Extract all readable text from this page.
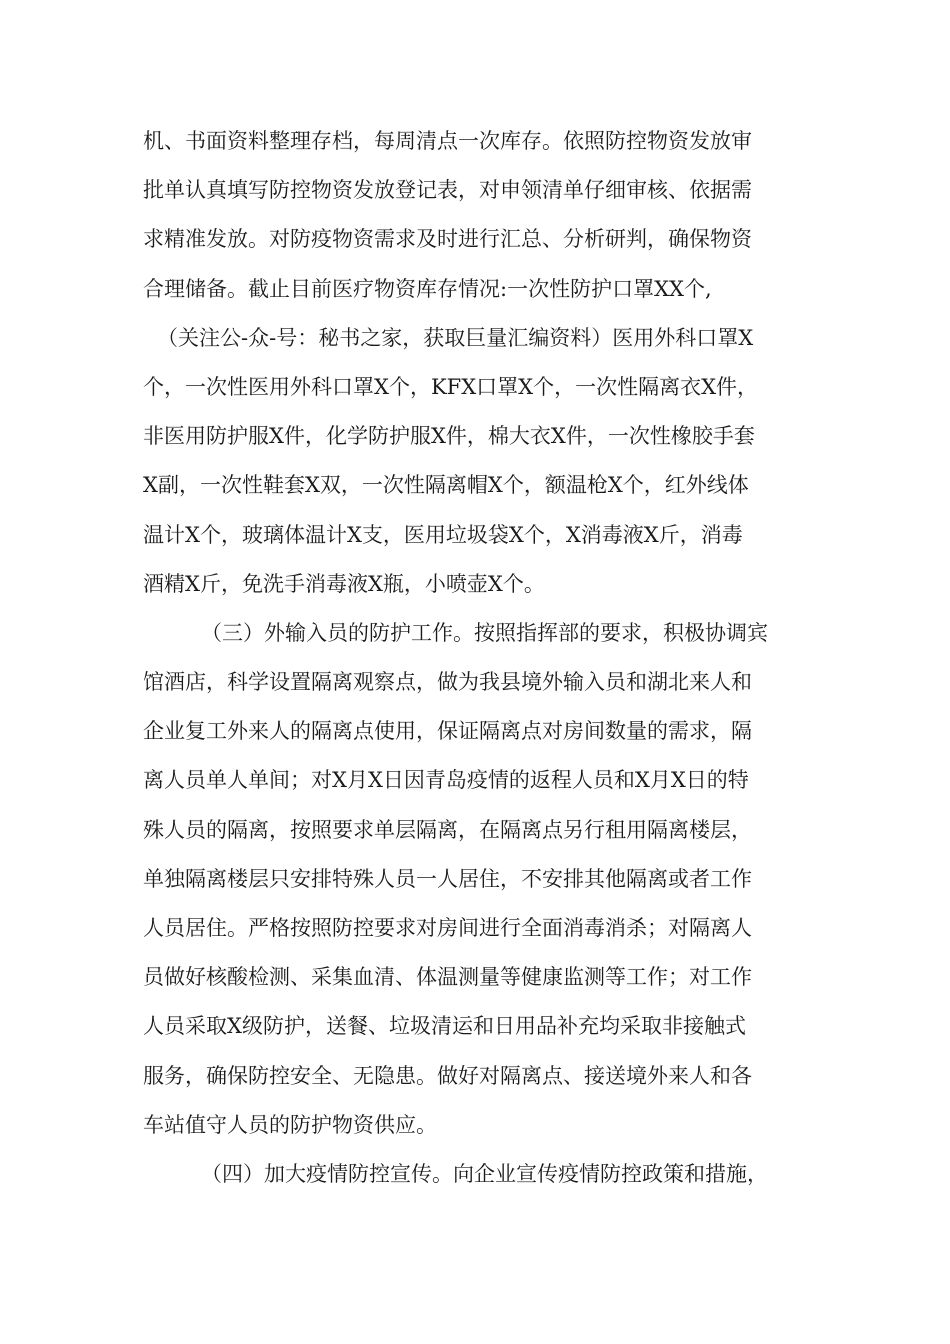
机、书面资料整理存档，每周清点一次库存。依照防控物资发放审
批单认真填写防控物资发放登记表，对申领清单仔细审核、依据需
求精准发放。对防疫物资需求及时进行汇总、分析研判，确保物资
合理储备。截止目前医疗物资库存情况:一次性防护口罩XX个,
（关注公-众-号：秘书之家，获取巨量汇编资料）医用外科口罩X
个，一次性医用外科口罩X个，KFX口罩X个，一次性隔离衣X件，
非医用防护服X件，化学防护服X件，棉大衣X件，一次性橡胶手套
X副，一次性鞋套X双，一次性隔离帽X个，额温枪X个，红外线体
温计X个，玻璃体温计X支，医用垃圾袋X个，X消毒液X斤，消毒
酒精X斤，免洗手消毒液X瓶，小喷壶X个。
（三）外输入员的防护工作。按照指挥部的要求，积极协调宾
馆酒店，科学设置隔离观察点，做为我县境外输入员和湖北来人和
企业复工外来人的隔离点使用，保证隔离点对房间数量的需求，隔
离人员单人单间；对X月X日因青岛疫情的返程人员和X月X日的特
殊人员的隔离，按照要求单层隔离，在隔离点另行租用隔离楼层，
单独隔离楼层只安排特殊人员一人居住，不安排其他隔离或者工作
人员居住。严格按照防控要求对房间进行全面消毒消杀；对隔离人
员做好核酸检测、采集血清、体温测量等健康监测等工作；对工作
人员采取X级防护，送餐、垃圾清运和日用品补充均采取非接触式
服务，确保防控安全、无隐患。做好对隔离点、接送境外来人和各
车站值守人员的防护物资供应。
（四）加大疫情防控宣传。向企业宣传疫情防控政策和措施，
